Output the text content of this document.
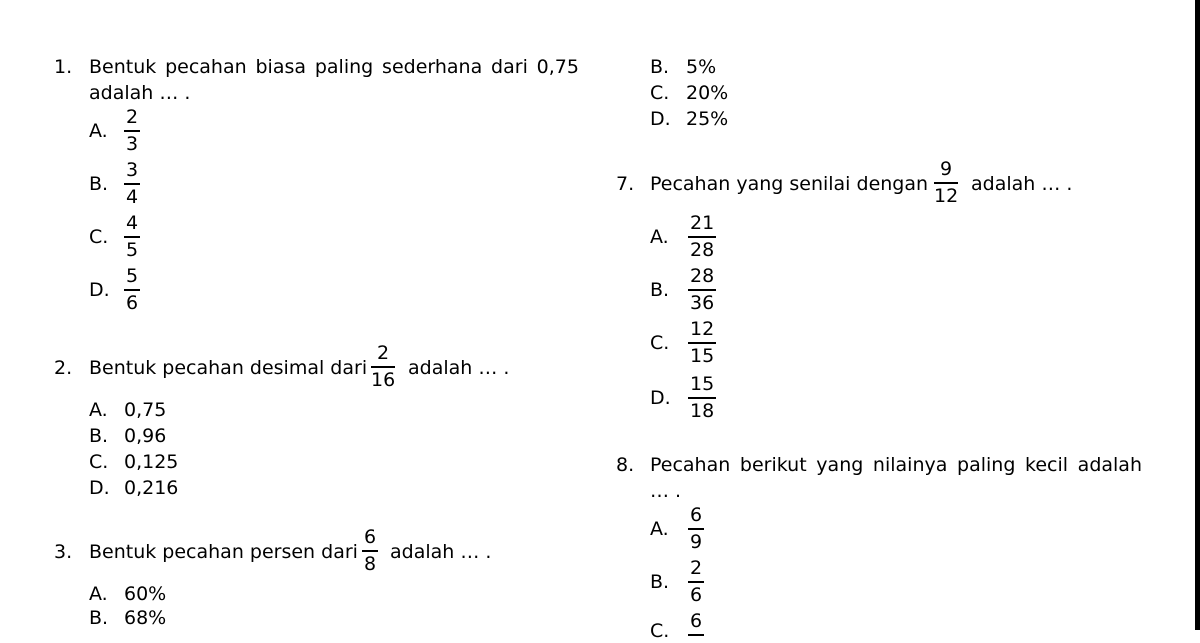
1. Bentuk pecahan biasa paling sederhana dari 0,75
adalah … .
A.
2
3
B.
3
4
C.
4
5
D.
5
6
2. Bentuk pecahan desimal dari
2
16
adalah … .
A. 0,75
B. 0,96
C. 0,125
D. 0,216
3. Bentuk pecahan persen dari
6
8
adalah … .
A. 60%
B. 68%
B. 5%
C. 20%
D. 25%
7. Pecahan yang senilai dengan
9
12
adalah … .
A.
21
28
B.
28
36
C.
12
15
D.
15
18
8. Pecahan berikut yang nilainya paling kecil adalah
… .
A.
6
9
B.
2
6
C. 6
